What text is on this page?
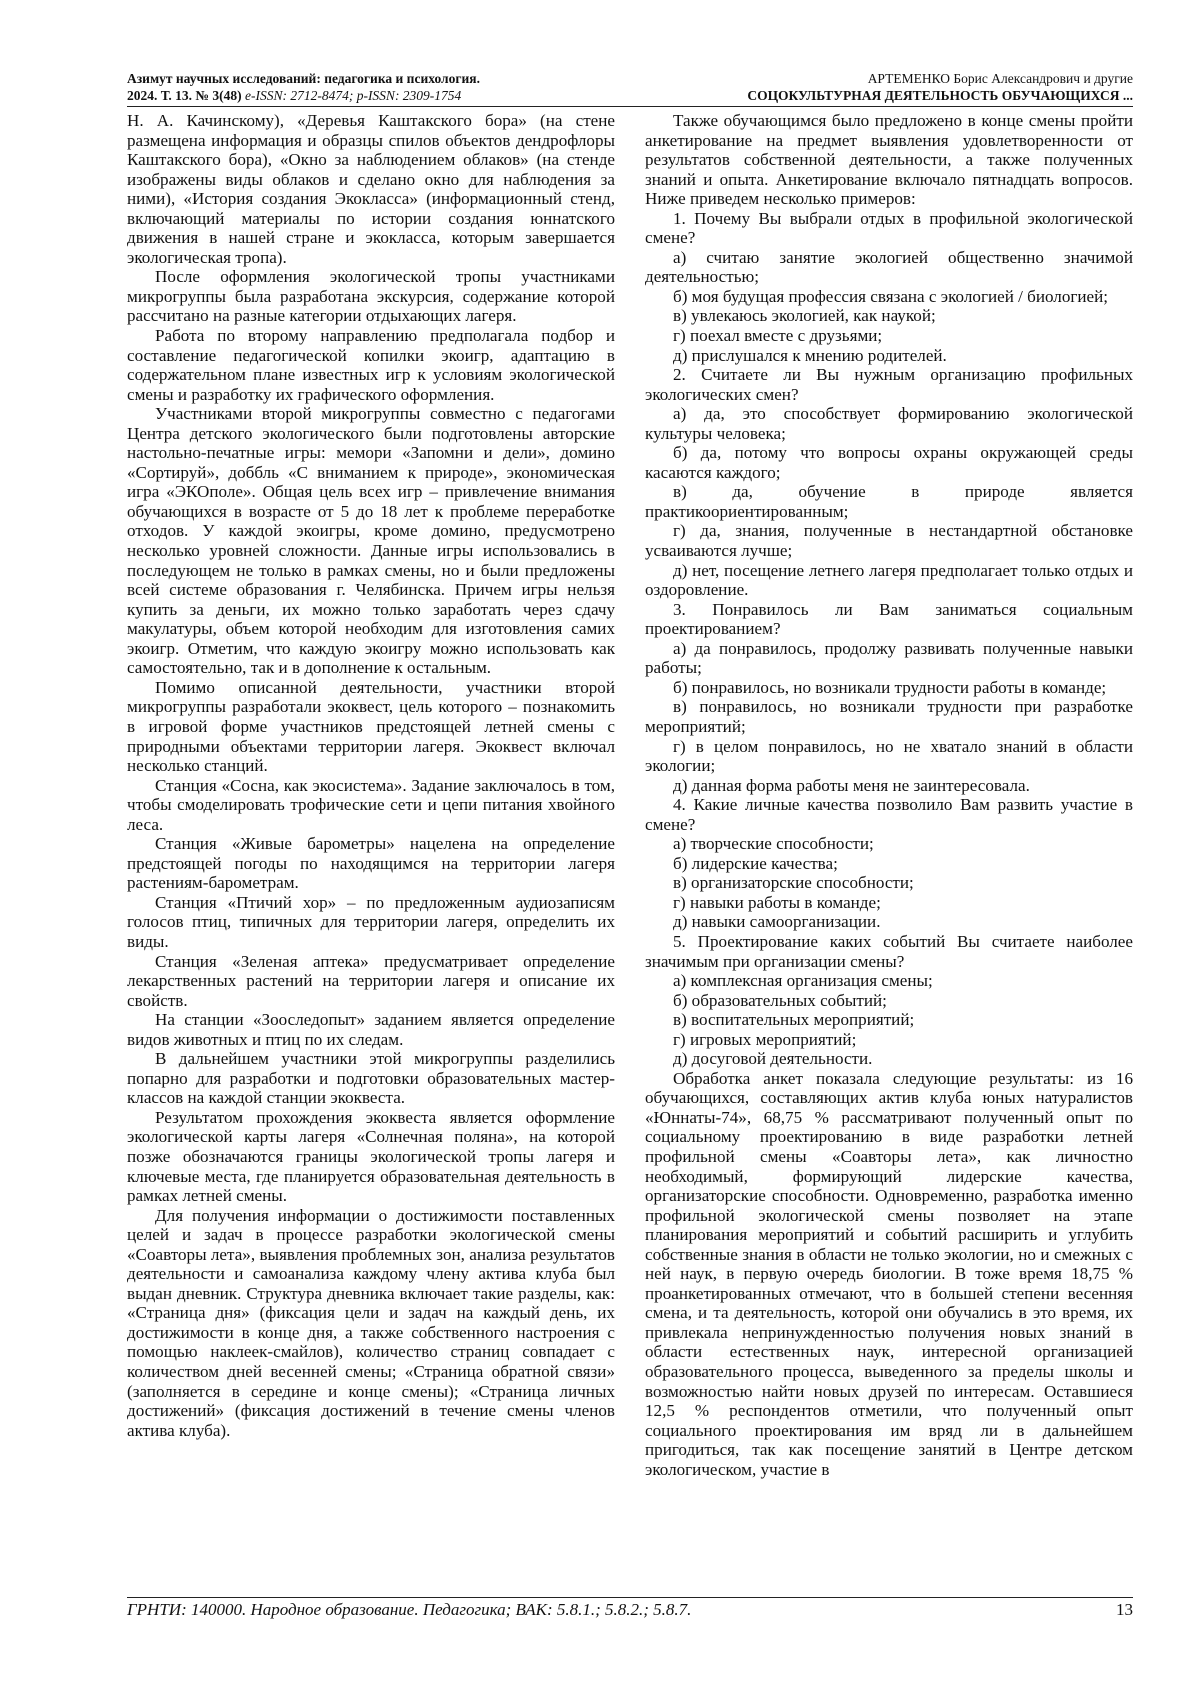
Азимут научных исследований: педагогика и психология.
2024. Т. 13. № 3(48) e-ISSN: 2712-8474; p-ISSN: 2309-1754
АРТЕМЕНКО Борис Александрович и другие
СОЦОКУЛЬТУРНАЯ ДЕЯТЕЛЬНОСТЬ ОБУЧАЮЩИХСЯ ...

Н. А. Качинскому), «Деревья Каштакского бора» (на стене размещена информация и образцы спилов объектов дендрофлоры Каштакского бора), «Окно за наблюдением облаков» (на стенде изображены виды облаков и сделано окно для наблюдения за ними), «История создания Экокласса» (информационный стенд, включающий материалы по истории создания юннатского движения в нашей стране и экокласса, которым завершается экологическая тропа).

После оформления экологической тропы участниками микрогруппы была разработана экскурсия, содержание которой рассчитано на разные категории отдыхающих лагеря.

Работа по второму направлению предполагала подбор и составление педагогической копилки экоигр, адаптацию в содержательном плане известных игр к условиям экологической смены и разработку их графического оформления.

Участниками второй микрогруппы совместно с педагогами Центра детского экологического были подготовлены авторские настольно-печатные игры: мемори «Запомни и дели», домино «Сортируй», доббль «С вниманием к природе», экономическая игра «ЭКОполе». Общая цель всех игр – привлечение внимания обучающихся в возрасте от 5 до 18 лет к проблеме переработке отходов. У каждой экоигры, кроме домино, предусмотрено несколько уровней сложности. Данные игры использовались в последующем не только в рамках смены, но и были предложены всей системе образования г. Челябинска. Причем игры нельзя купить за деньги, их можно только заработать через сдачу макулатуры, объем которой необходим для изготовления самих экоигр. Отметим, что каждую экоигру можно использовать как самостоятельно, так и в дополнение к остальным.

Помимо описанной деятельности, участники второй микрогруппы разработали экоквест, цель которого – познакомить в игровой форме участников предстоящей летней смены с природными объектами территории лагеря. Экоквест включал несколько станций.

Станция «Сосна, как экосистема». Задание заключалось в том, чтобы смоделировать трофические сети и цепи питания хвойного леса.

Станция «Живые барометры» нацелена на определение предстоящей погоды по находящимся на территории лагеря растениям-барометрам.

Станция «Птичий хор» – по предложенным аудиозаписям голосов птиц, типичных для территории лагеря, определить их виды.

Станция «Зеленая аптека» предусматривает определение лекарственных растений на территории лагеря и описание их свойств.

На станции «Зооследопыт» заданием является определение видов животных и птиц по их следам.

В дальнейшем участники этой микрогруппы разделились попарно для разработки и подготовки образовательных мастер-классов на каждой станции экоквеста.

Результатом прохождения экоквеста является оформление экологической карты лагеря «Солнечная поляна», на которой позже обозначаются границы экологической тропы лагеря и ключевые места, где планируется образовательная деятельность в рамках летней смены.

Для получения информации о достижимости поставленных целей и задач в процессе разработки экологической смены «Соавторы лета», выявления проблемных зон, анализа результатов деятельности и самоанализа каждому члену актива клуба был выдан дневник. Структура дневника включает такие разделы, как: «Страница дня» (фиксация цели и задач на каждый день, их достижимости в конце дня, а также собственного настроения с помощью наклеек-смайлов), количество страниц совпадает с количеством дней весенней смены; «Страница обратной связи» (заполняется в середине и конце смены); «Страница личных достижений» (фиксация достижений в течение смены членов актива клуба).

Также обучающимся было предложено в конце смены пройти анкетирование на предмет выявления удовлетворенности от результатов собственной деятельности, а также полученных знаний и опыта. Анкетирование включало пятнадцать вопросов. Ниже приведем несколько примеров:

1. Почему Вы выбрали отдых в профильной экологической смене?

а) считаю занятие экологией общественно значимой деятельностью;

б) моя будущая профессия связана с экологией / биологией;

в) увлекаюсь экологией, как наукой;

г) поехал вместе с друзьями;

д) прислушался к мнению родителей.

2. Считаете ли Вы нужным организацию профильных экологических смен?

а) да, это способствует формированию экологической культуры человека;

б) да, потому что вопросы охраны окружающей среды касаются каждого;

в) да, обучение в природе является практикоориентированным;

г) да, знания, полученные в нестандартной обстановке усваиваются лучше;

д) нет, посещение летнего лагеря предполагает только отдых и оздоровление.

3. Понравилось ли Вам заниматься социальным проектированием?

а) да понравилось, продолжу развивать полученные навыки работы;

б) понравилось, но возникали трудности работы в команде;

в) понравилось, но возникали трудности при разработке мероприятий;

г) в целом понравилось, но не хватало знаний в области экологии;

д) данная форма работы меня не заинтересовала.

4. Какие личные качества позволило Вам развить участие в смене?

а) творческие способности;

б) лидерские качества;

в) организаторские способности;

г) навыки работы в команде;

д) навыки самоорганизации.

5. Проектирование каких событий Вы считаете наиболее значимым при организации смены?

а) комплексная организация смены;

б) образовательных событий;

в) воспитательных мероприятий;

г) игровых мероприятий;

д) досуговой деятельности.

Обработка анкет показала следующие результаты: из 16 обучающихся, составляющих актив клуба юных натуралистов «Юннаты-74», 68,75 % рассматривают полученный опыт по социальному проектированию в виде разработки летней профильной смены «Соавторы лета», как личностно необходимый, формирующий лидерские качества, организаторские способности. Одновременно, разработка именно профильной экологической смены позволяет на этапе планирования мероприятий и событий расширить и углубить собственные знания в области не только экологии, но и смежных с ней наук, в первую очередь биологии. В тоже время 18,75 % проанкетированных отмечают, что в большей степени весенняя смена, и та деятельность, которой они обучались в это время, их привлекала непринужденностью получения новых знаний в области естественных наук, интересной организацией образовательного процесса, выведенного за пределы школы и возможностью найти новых друзей по интересам. Оставшиеся 12,5 % респондентов отметили, что полученный опыт социального проектирования им вряд ли в дальнейшем пригодиться, так как посещение занятий в Центре детском экологическом, участие в

ГРНТИ: 140000. Народное образование. Педагогика; ВАК: 5.8.1.; 5.8.2.; 5.8.7.	13
